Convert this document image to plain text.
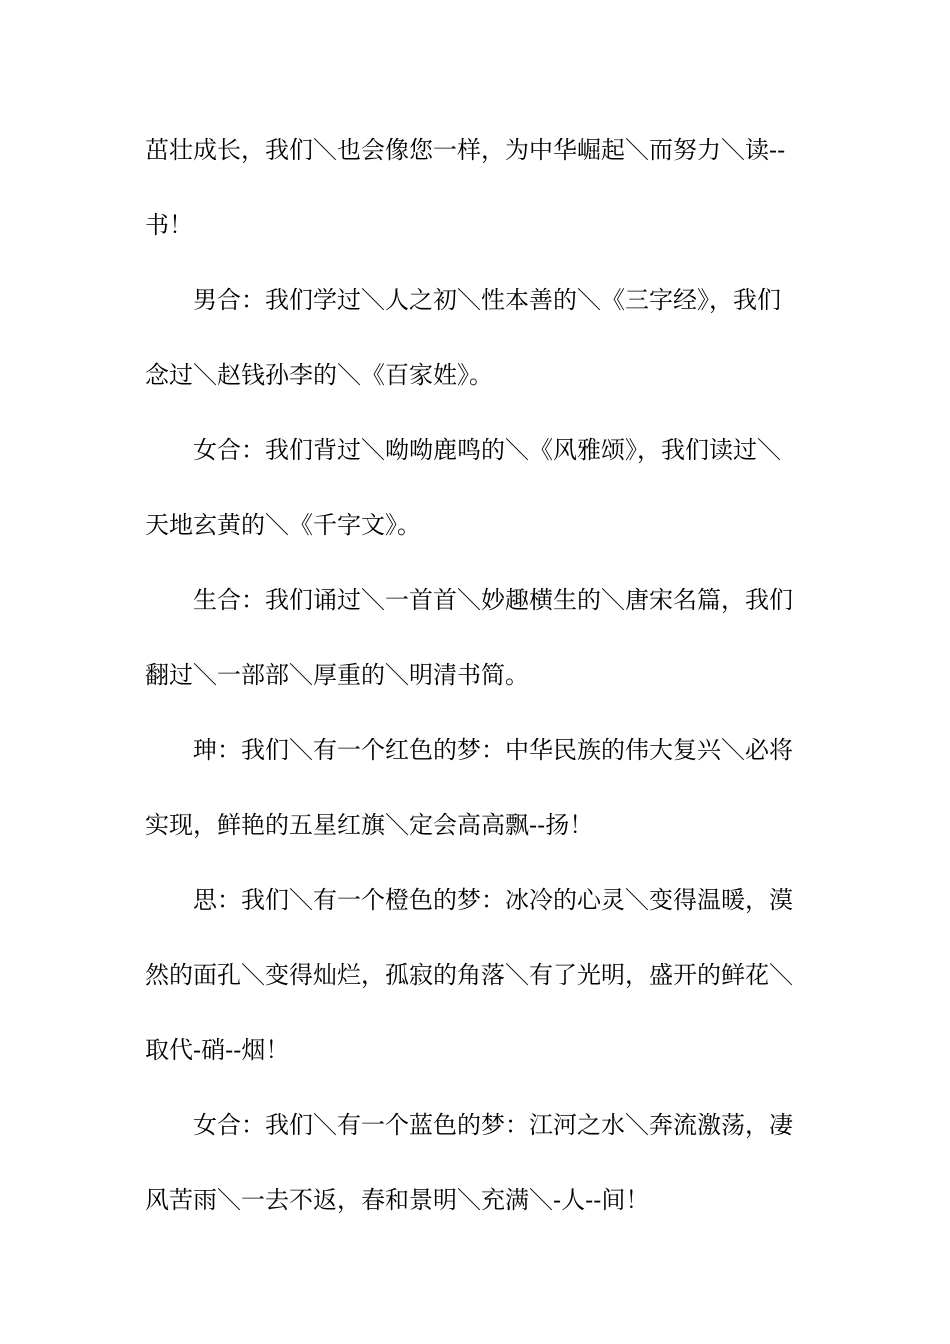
茁壮成长，我们＼也会像您一样，为中华崛起＼而努力＼读--
书！
男合：我们学过＼人之初＼性本善的＼《三字经》，我们
念过＼赵钱孙李的＼《百家姓》。
女合：我们背过＼呦呦鹿鸣的＼《风雅颂》，我们读过＼
天地玄黄的＼《千字文》。
生合：我们诵过＼一首首＼妙趣横生的＼唐宋名篇，我们
翻过＼一部部＼厚重的＼明清书简。
珅：我们＼有一个红色的梦：中华民族的伟大复兴＼必将
实现，鲜艳的五星红旗＼定会高高飘--扬！
思：我们＼有一个橙色的梦：冰冷的心灵＼变得温暖，漠
然的面孔＼变得灿烂，孤寂的角落＼有了光明，盛开的鲜花＼
取代-硝--烟！
女合：我们＼有一个蓝色的梦：江河之水＼奔流激荡，凄
风苦雨＼一去不返，春和景明＼充满＼-人--间！
